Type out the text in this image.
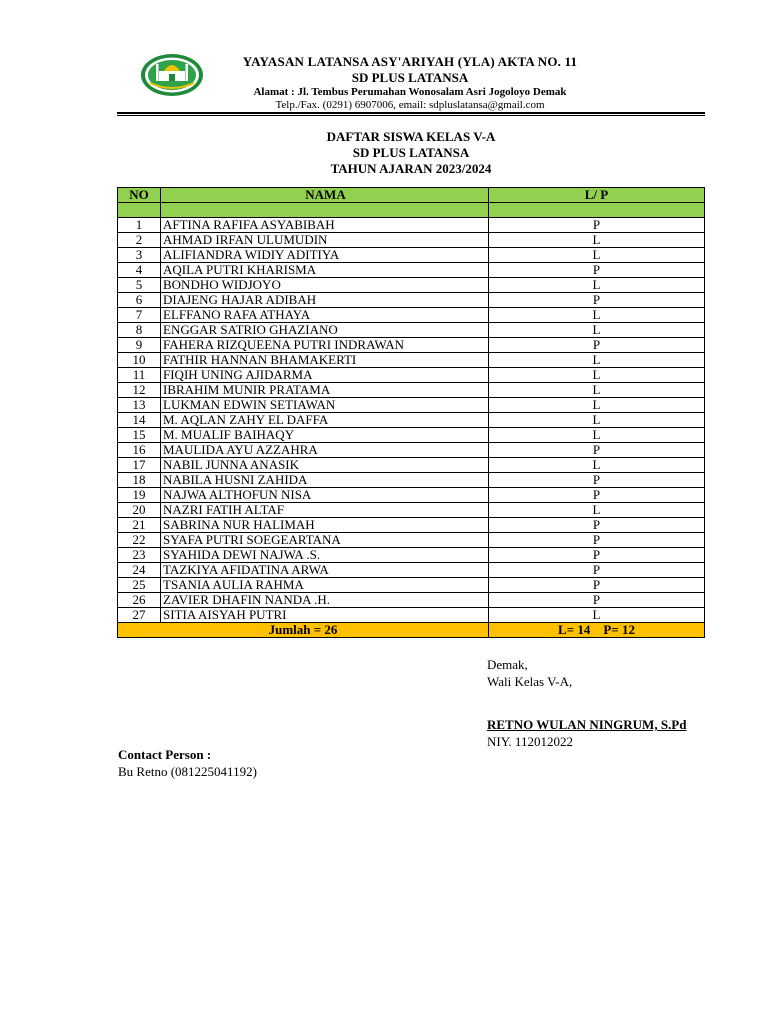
YAYASAN LATANSA ASY'ARIYAH (YLA) AKTA NO. 11
SD PLUS LATANSA
Alamat : Jl. Tembus Perumahan Wonosalam Asri Jogoloyo Demak
Telp./Fax. (0291) 6907006, email: sdpluslatansa@gmail.com
DAFTAR SISWA KELAS V-A
SD PLUS LATANSA
TAHUN AJARAN 2023/2024
NO	NAMA	L/ P

1	AFTINA RAFIFA ASYABIBAH	P
2	AHMAD IRFAN ULUMUDIN	L
3	ALIFIANDRA WIDIY ADITIYA	L
4	AQILA PUTRI KHARISMA	P
5	BONDHO WIDJOYO	L
6	DIAJENG HAJAR ADIBAH	P
7	ELFFANO RAFA ATHAYA	L
8	ENGGAR SATRIO GHAZIANO	L
9	FAHERA RIZQUEENA PUTRI INDRAWAN	P
10	FATHIR HANNAN BHAMAKERTI	L
11	FIQIH UNING AJIDARMA	L
12	IBRAHIM MUNIR PRATAMA	L
13	LUKMAN EDWIN SETIAWAN	L
14	M. AQLAN ZAHY EL DAFFA	L
15	M. MUALIF BAIHAQY	L
16	MAULIDA AYU AZZAHRA	P
17	NABIL JUNNA ANASIK	L
18	NABILA HUSNI ZAHIDA	P
19	NAJWA ALTHOFUN NISA	P
20	NAZRI FATIH ALTAF	L
21	SABRINA NUR HALIMAH	P
22	SYAFA PUTRI SOEGEARTANA	P
23	SYAHIDA DEWI NAJWA .S.	P
24	TAZKIYA AFIDATINA ARWA	P
25	TSANIA AULIA RAHMA	P
26	ZAVIER DHAFIN NANDA .H.	P
27	SITIA AISYAH PUTRI	L
Jumlah = 26		L= 14    P= 12
Demak,
Wali Kelas V-A,
RETNO WULAN NINGRUM, S.Pd
NIY. 112012022
Contact Person :
Bu Retno (081225041192)
